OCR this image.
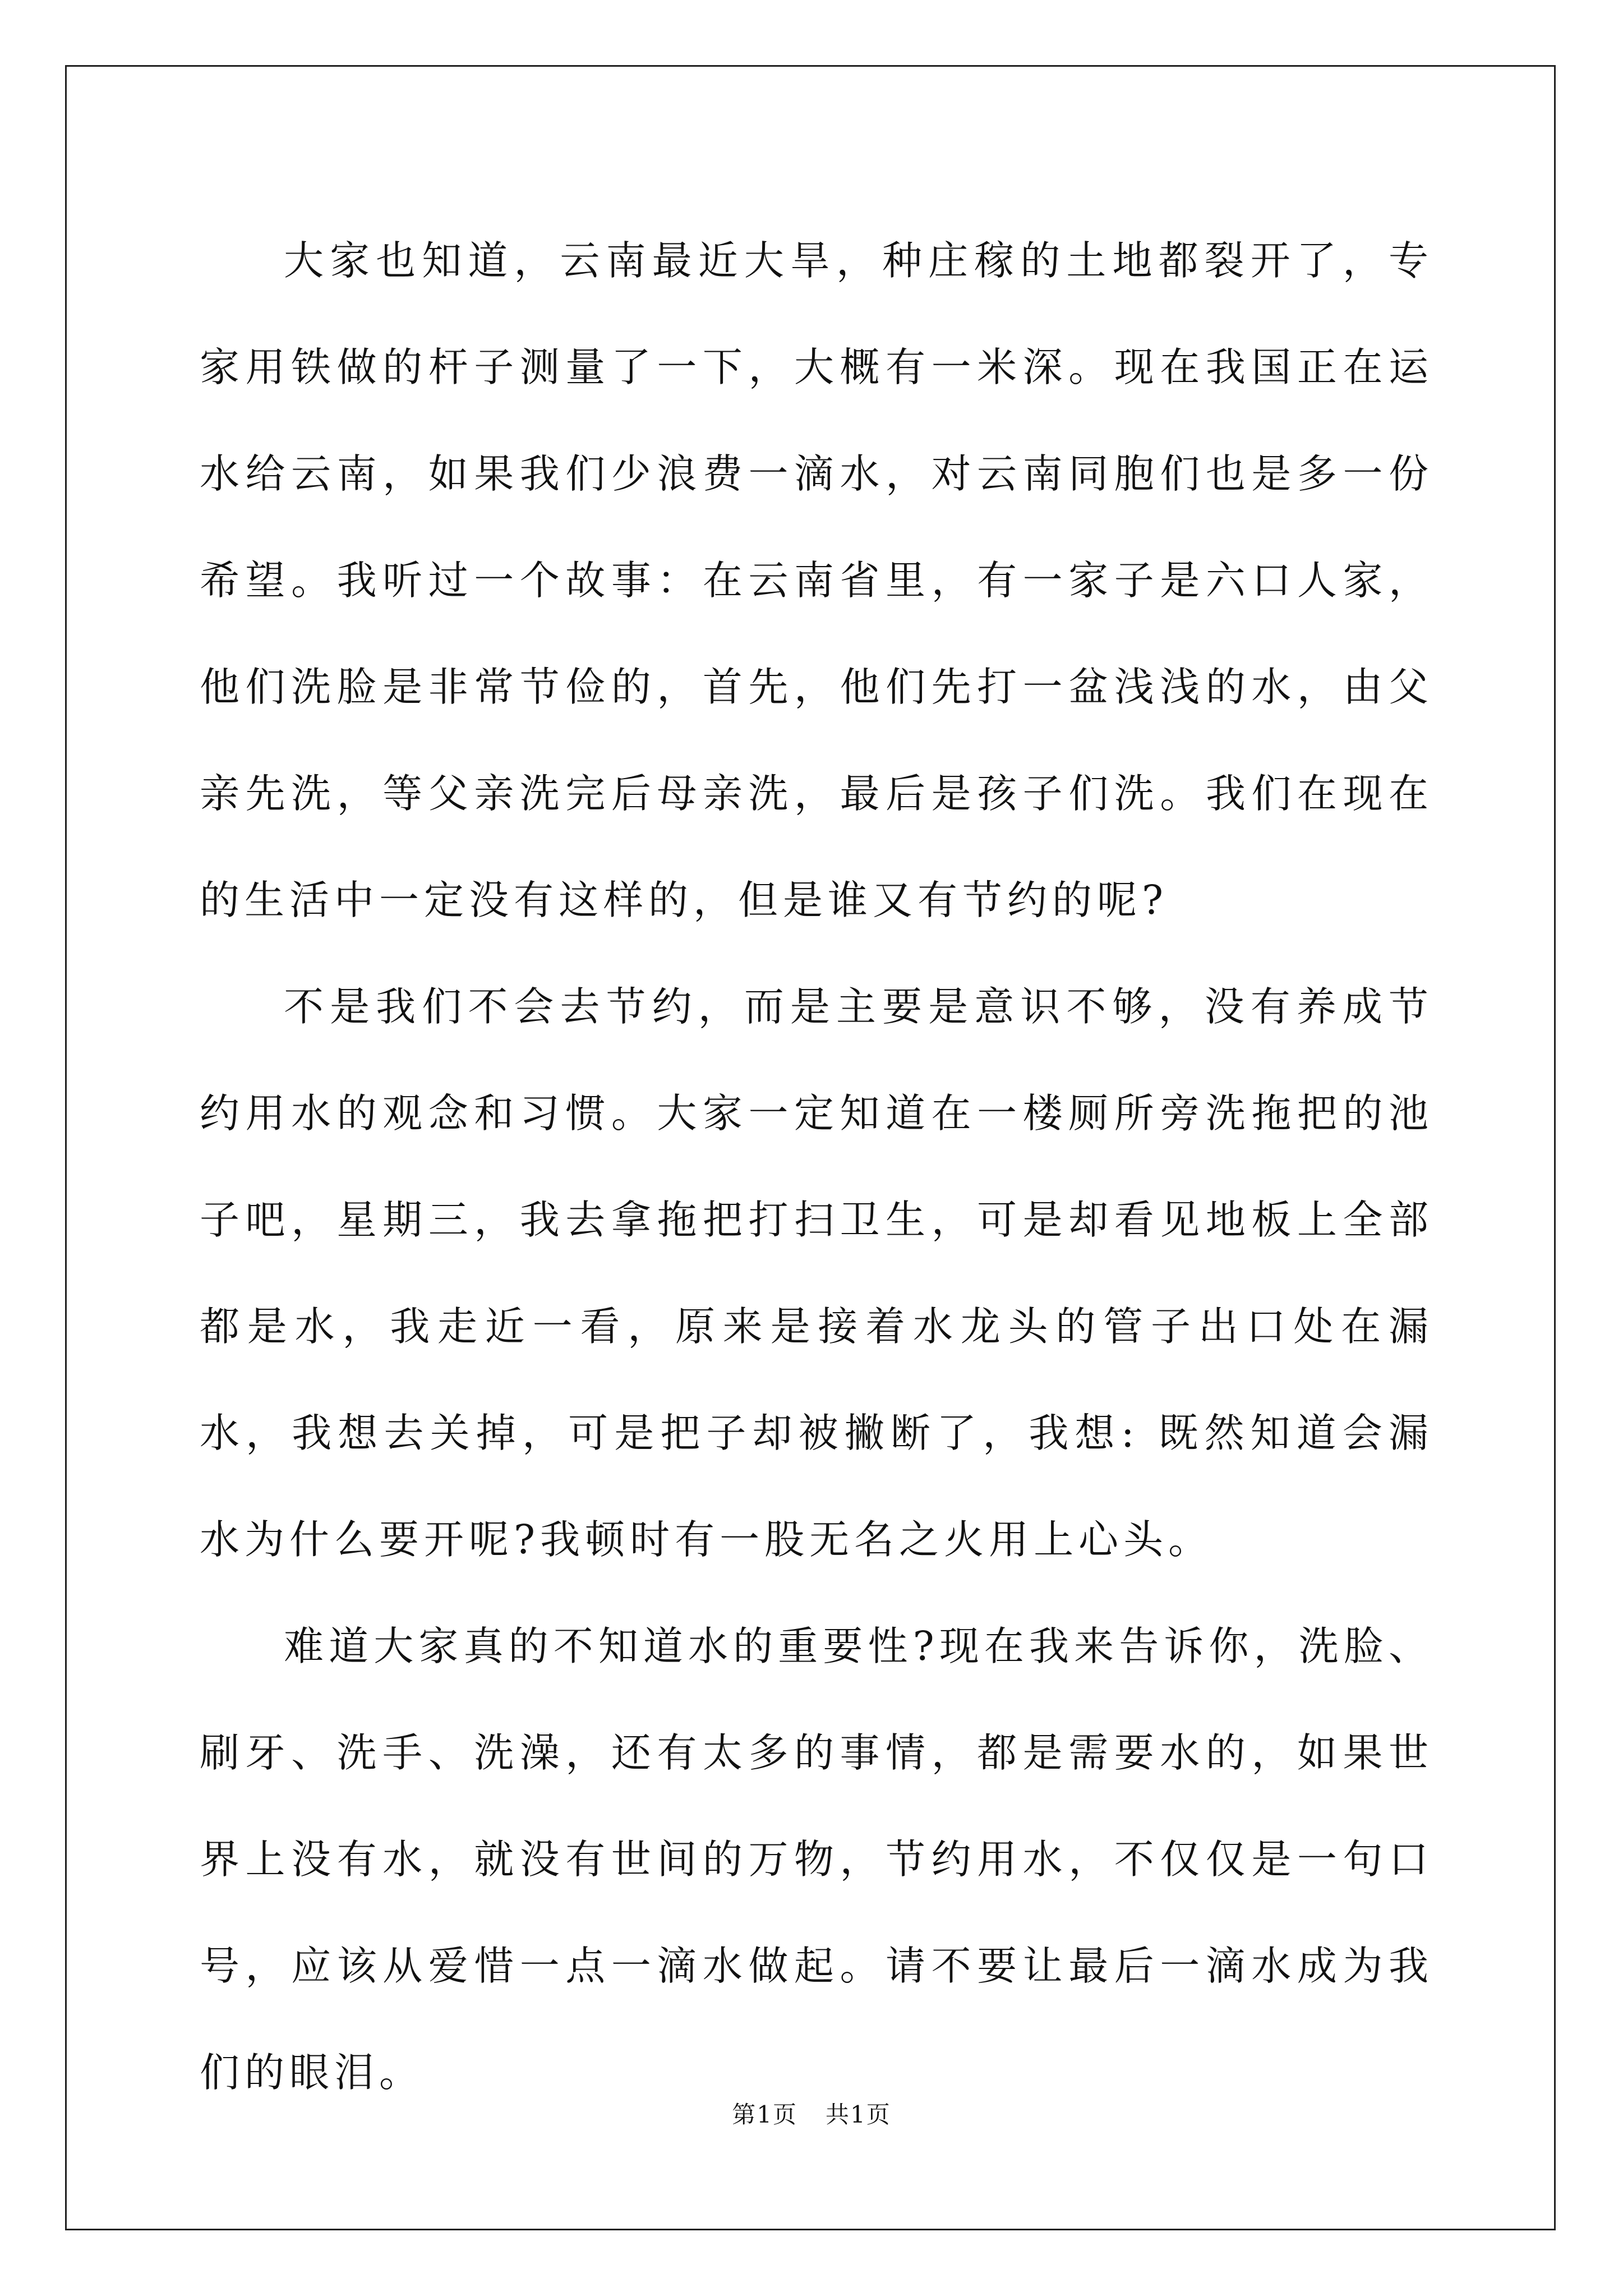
大家也知道，云南最近大旱，种庄稼的土地都裂开了，专家用铁做的杆子测量了一下，大概有一米深。现在我国正在运水给云南，如果我们少浪费一滴水，对云南同胞们也是多一份希望。我听过一个故事：在云南省里，有一家子是六口人家，他们洗脸是非常节俭的，首先，他们先打一盆浅浅的水，由父亲先洗，等父亲洗完后母亲洗，最后是孩子们洗。我们在现在的生活中一定没有这样的，但是谁又有节约的呢?

不是我们不会去节约，而是主要是意识不够，没有养成节约用水的观念和习惯。大家一定知道在一楼厕所旁洗拖把的池子吧，星期三，我去拿拖把打扫卫生，可是却看见地板上全部都是水，我走近一看，原来是接着水龙头的管子出口处在漏水，我想去关掉，可是把子却被撇断了，我想: 既然知道会漏水为什么要开呢?我顿时有一股无名之火用上心头。

难道大家真的不知道水的重要性?现在我来告诉你，洗脸、刷牙、洗手、洗澡，还有太多的事情，都是需要水的，如果世界上没有水，就没有世间的万物，节约用水，不仅仅是一句口号，应该从爱惜一点一滴水做起。请不要让最后一滴水成为我们的眼泪。

第1页 共1页
